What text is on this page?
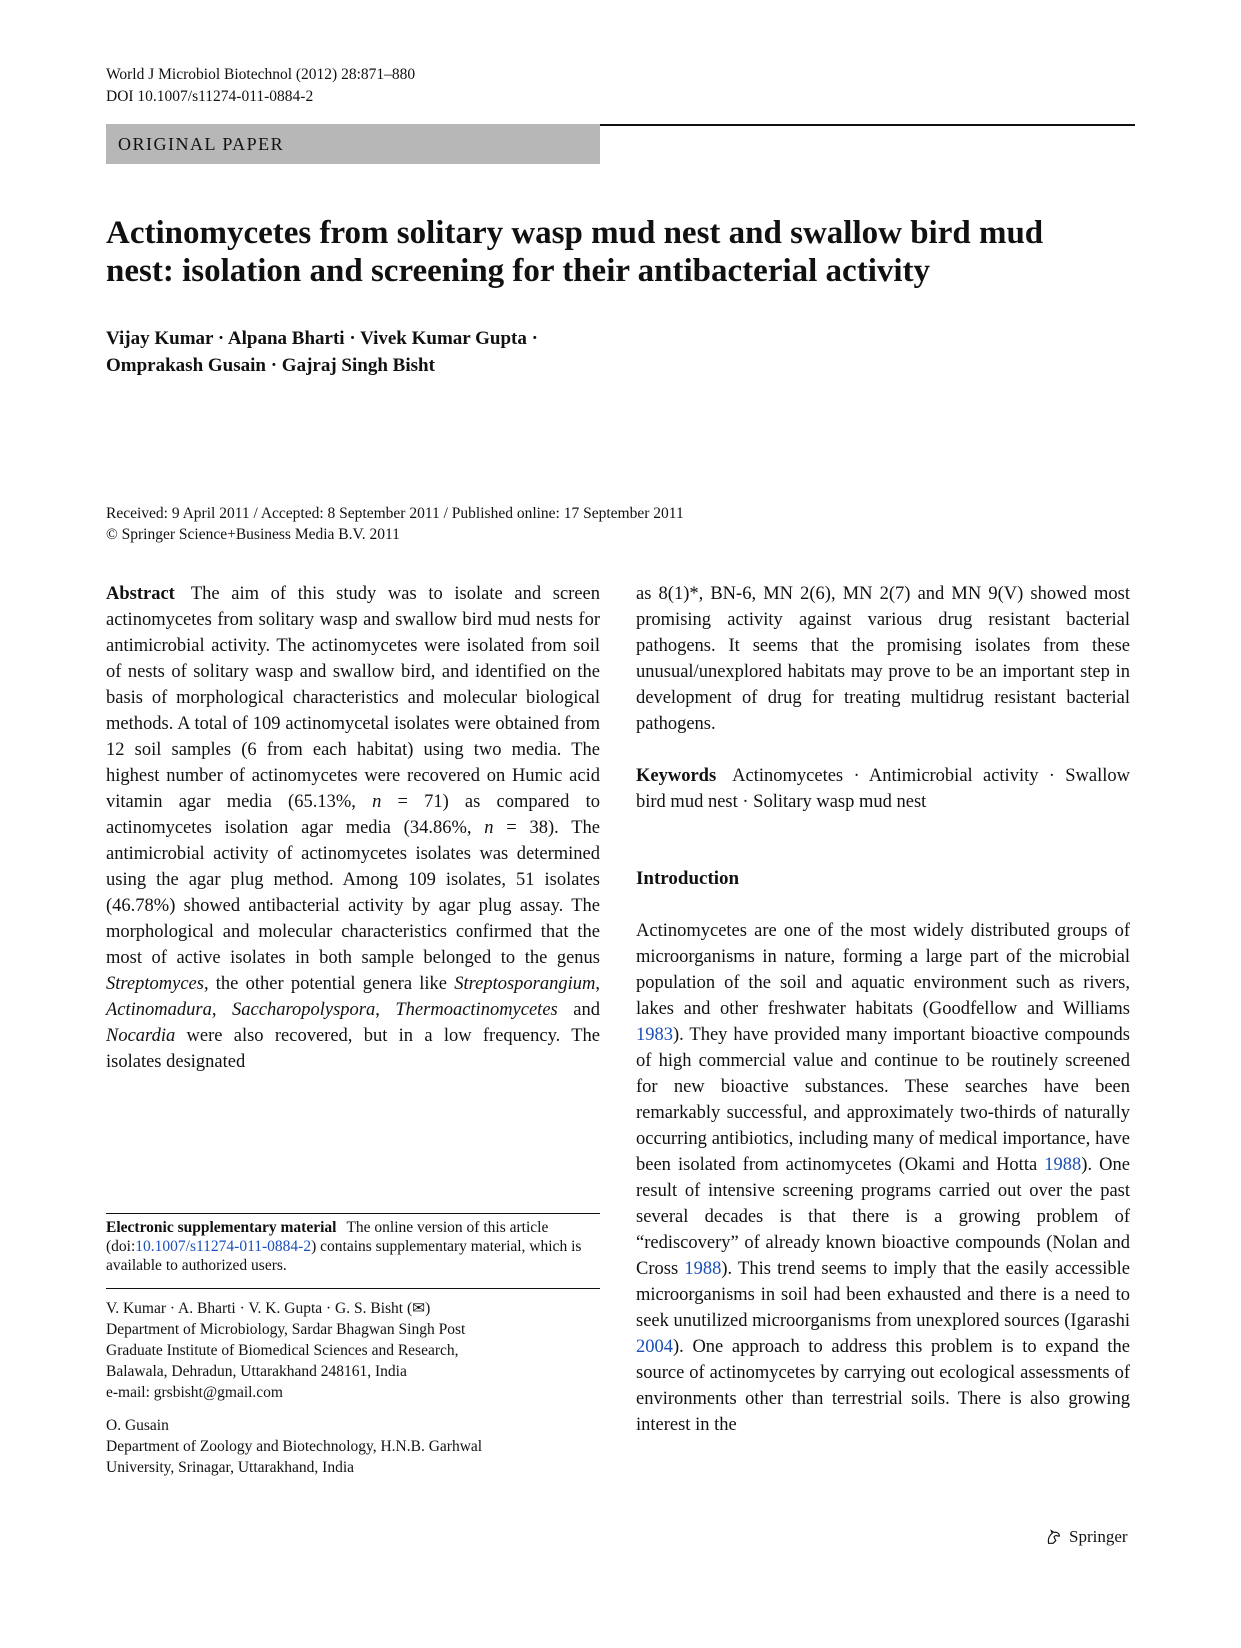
World J Microbiol Biotechnol (2012) 28:871–880
DOI 10.1007/s11274-011-0884-2
ORIGINAL PAPER
Actinomycetes from solitary wasp mud nest and swallow bird mud nest: isolation and screening for their antibacterial activity
Vijay Kumar · Alpana Bharti · Vivek Kumar Gupta ·
Omprakash Gusain · Gajraj Singh Bisht
Received: 9 April 2011 / Accepted: 8 September 2011 / Published online: 17 September 2011
© Springer Science+Business Media B.V. 2011
Abstract The aim of this study was to isolate and screen actinomycetes from solitary wasp and swallow bird mud nests for antimicrobial activity. The actinomycetes were isolated from soil of nests of solitary wasp and swallow bird, and identified on the basis of morphological characteristics and molecular biological methods. A total of 109 actinomycetal isolates were obtained from 12 soil samples (6 from each habitat) using two media. The highest number of actinomycetes were recovered on Humic acid vitamin agar media (65.13%, n = 71) as compared to actinomycetes isolation agar media (34.86%, n = 38). The antimicrobial activity of actinomycetes isolates was determined using the agar plug method. Among 109 isolates, 51 isolates (46.78%) showed antibacterial activity by agar plug assay. The morphological and molecular characteristics confirmed that the most of active isolates in both sample belonged to the genus Streptomyces, the other potential genera like Streptosporangium, Actinomadura, Saccharopolyspora, Thermoactinomycetes and Nocardia were also recovered, but in a low frequency. The isolates designated
as 8(1)*, BN-6, MN 2(6), MN 2(7) and MN 9(V) showed most promising activity against various drug resistant bacterial pathogens. It seems that the promising isolates from these unusual/unexplored habitats may prove to be an important step in development of drug for treating multidrug resistant bacterial pathogens.
Keywords Actinomycetes · Antimicrobial activity · Swallow bird mud nest · Solitary wasp mud nest
Introduction
Actinomycetes are one of the most widely distributed groups of microorganisms in nature, forming a large part of the microbial population of the soil and aquatic environment such as rivers, lakes and other freshwater habitats (Goodfellow and Williams 1983). They have provided many important bioactive compounds of high commercial value and continue to be routinely screened for new bioactive substances. These searches have been remarkably successful, and approximately two-thirds of naturally occurring antibiotics, including many of medical importance, have been isolated from actinomycetes (Okami and Hotta 1988). One result of intensive screening programs carried out over the past several decades is that there is a growing problem of “rediscovery” of already known bioactive compounds (Nolan and Cross 1988). This trend seems to imply that the easily accessible microorganisms in soil had been exhausted and there is a need to seek unutilized microorganisms from unexplored sources (Igarashi 2004). One approach to address this problem is to expand the source of actinomycetes by carrying out ecological assessments of environments other than terrestrial soils. There is also growing interest in the
Electronic supplementary material The online version of this article (doi:10.1007/s11274-011-0884-2) contains supplementary material, which is available to authorized users.

V. Kumar · A. Bharti · V. K. Gupta · G. S. Bisht (✉)
Department of Microbiology, Sardar Bhagwan Singh Post
Graduate Institute of Biomedical Sciences and Research,
Balawala, Dehradun, Uttarakhand 248161, India
e-mail: grsbisht@gmail.com

O. Gusain
Department of Zoology and Biotechnology, H.N.B. Garhwal
University, Srinagar, Uttarakhand, India

Springer
